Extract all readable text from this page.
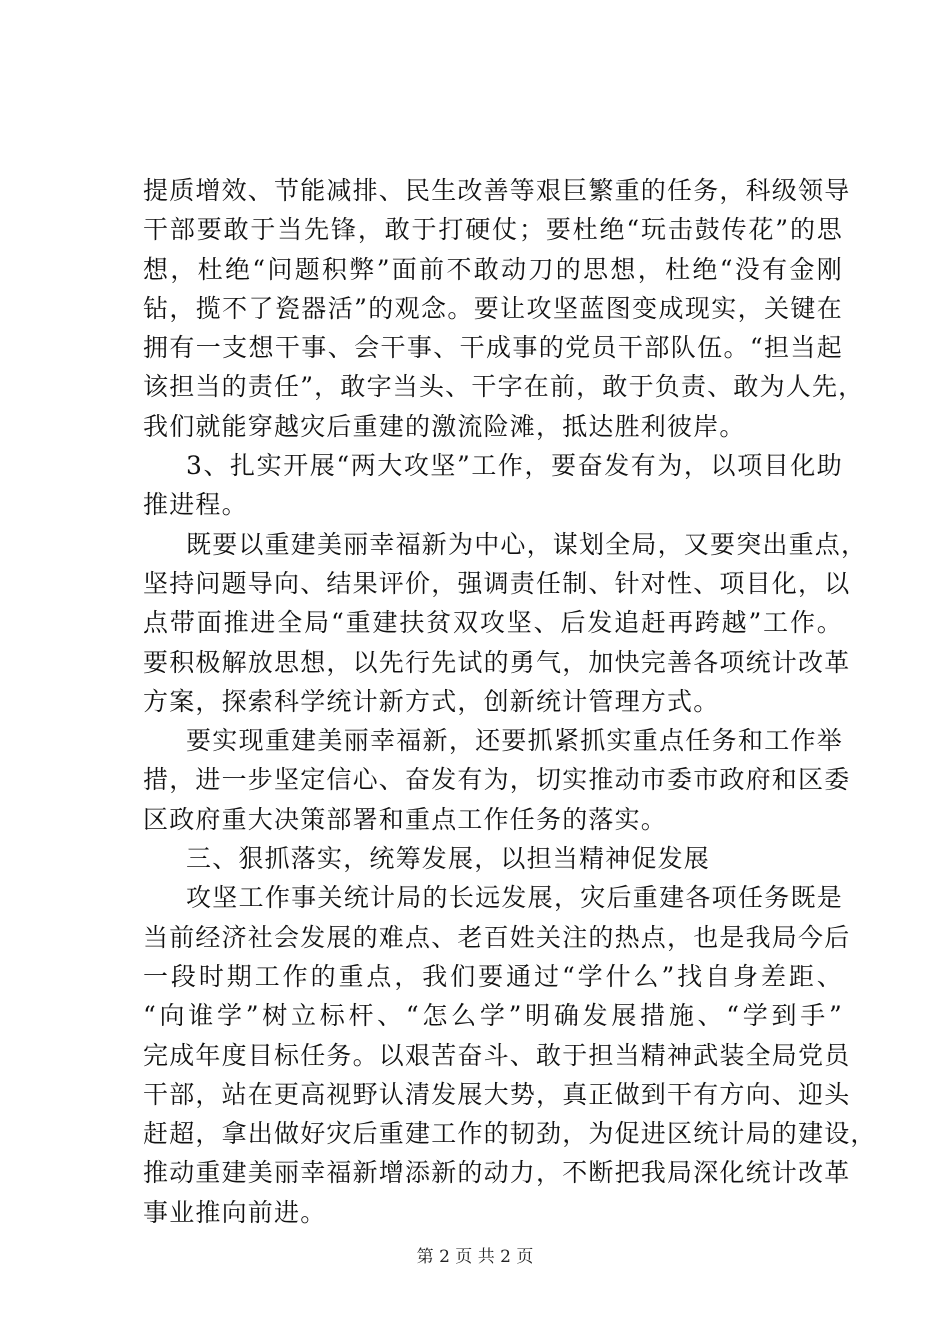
提质增效、节能减排、民生改善等艰巨繁重的任务，科级领导
干部要敢于当先锋，敢于打硬仗；要杜绝“玩击鼓传花”的思
想，杜绝“问题积弊”面前不敢动刀的思想，杜绝“没有金刚
钻，揽不了瓷器活”的观念。要让攻坚蓝图变成现实，关键在
拥有一支想干事、会干事、干成事的党员干部队伍。“担当起
该担当的责任”，敢字当头、干字在前，敢于负责、敢为人先，
我们就能穿越灾后重建的激流险滩，抵达胜利彼岸。
3、扎实开展“两大攻坚”工作，要奋发有为，以项目化助
推进程。
既要以重建美丽幸福新为中心，谋划全局，又要突出重点，
坚持问题导向、结果评价，强调责任制、针对性、项目化，以
点带面推进全局“重建扶贫双攻坚、后发追赶再跨越”工作。
要积极解放思想，以先行先试的勇气，加快完善各项统计改革
方案，探索科学统计新方式，创新统计管理方式。
要实现重建美丽幸福新，还要抓紧抓实重点任务和工作举
措，进一步坚定信心、奋发有为，切实推动市委市政府和区委
区政府重大决策部署和重点工作任务的落实。
三、狠抓落实，统筹发展，以担当精神促发展
攻坚工作事关统计局的长远发展，灾后重建各项任务既是
当前经济社会发展的难点、老百姓关注的热点，也是我局今后
一段时期工作的重点，我们要通过“学什么”找自身差距、
“向谁学”树立标杆、“怎么学”明确发展措施、“学到手”
完成年度目标任务。以艰苦奋斗、敢于担当精神武装全局党员
干部，站在更高视野认清发展大势，真正做到干有方向、迎头
赶超，拿出做好灾后重建工作的韧劲，为促进区统计局的建设，
推动重建美丽幸福新增添新的动力，不断把我局深化统计改革
事业推向前进。
第 2 页 共 2 页
